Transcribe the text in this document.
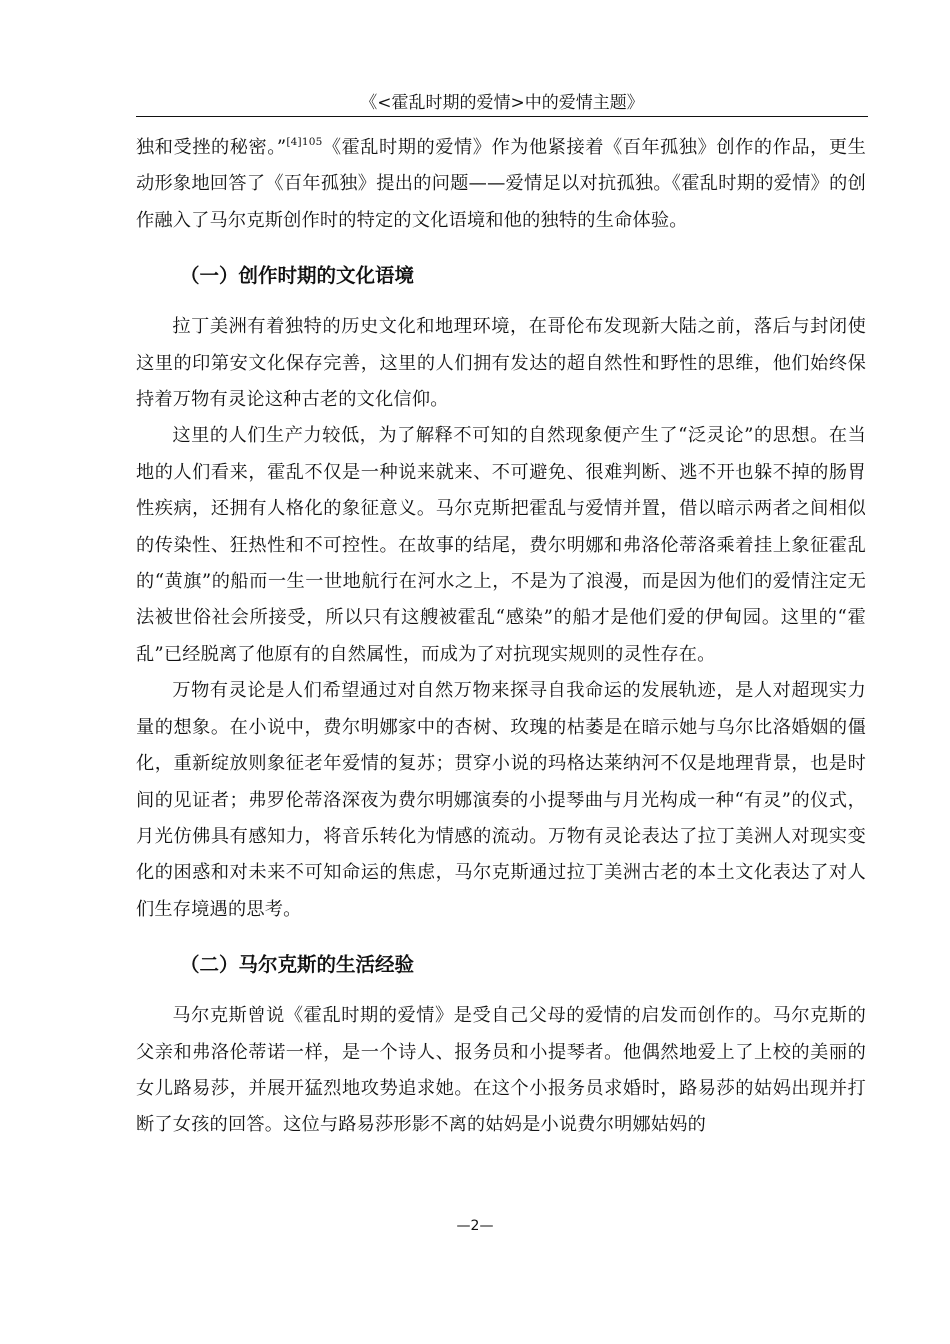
《<霍乱时期的爱情>中的爱情主题》

独和受挫的秘密。”$^{[4]105}$《霍乱时期的爱情》作为他紧接着《百年孤独》创作的作品，更生动形象地回答了《百年孤独》提出的问题——爱情足以对抗孤独。《霍乱时期的爱情》的创作融入了马尔克斯创作时的特定的文化语境和他的独特的生命体验。

（一）创作时期的文化语境

拉丁美洲有着独特的历史文化和地理环境，在哥伦布发现新大陆之前，落后与封闭使这里的印第安文化保存完善，这里的人们拥有发达的超自然性和野性的思维，他们始终保持着万物有灵论这种古老的文化信仰。

这里的人们生产力较低，为了解释不可知的自然现象便产生了“泛灵论”的思想。在当地的人们看来，霍乱不仅是一种说来就来、不可避免、很难判断、逃不开也躲不掉的肠胃性疾病，还拥有人格化的象征意义。马尔克斯把霍乱与爱情并置，借以暗示两者之间相似的传染性、狂热性和不可控性。在故事的结尾，费尔明娜和弗洛伦蒂洛乘着挂上象征霍乱的“黄旗”的船而一生一世地航行在河水之上，不是为了浪漫，而是因为他们的爱情注定无法被世俗社会所接受，所以只有这艘被霍乱“感染”的船才是他们爱的伊甸园。这里的“霍乱”已经脱离了他原有的自然属性，而成为了对抗现实规则的灵性存在。

万物有灵论是人们希望通过对自然万物来探寻自我命运的发展轨迹，是人对超现实力量的想象。在小说中，费尔明娜家中的杏树、玫瑰的枯萎是在暗示她与乌尔比洛婚姻的僵化，重新绽放则象征老年爱情的复苏；贯穿小说的玛格达莱纳河不仅是地理背景，也是时间的见证者；弗罗伦蒂洛深夜为费尔明娜演奏的小提琴曲与月光构成一种“有灵”的仪式，月光仿佛具有感知力，将音乐转化为情感的流动。万物有灵论表达了拉丁美洲人对现实变化的困惑和对未来不可知命运的焦虑，马尔克斯通过拉丁美洲古老的本土文化表达了对人们生存境遇的思考。

（二）马尔克斯的生活经验

马尔克斯曾说《霍乱时期的爱情》是受自己父母的爱情的启发而创作的。马尔克斯的父亲和弗洛伦蒂诺一样，是一个诗人、报务员和小提琴者。他偶然地爱上了上校的美丽的女儿路易莎，并展开猛烈地攻势追求她。在这个小报务员求婚时，路易莎的姑妈出现并打断了女孩的回答。这位与路易莎形影不离的姑妈是小说费尔明娜姑妈的

—2—
